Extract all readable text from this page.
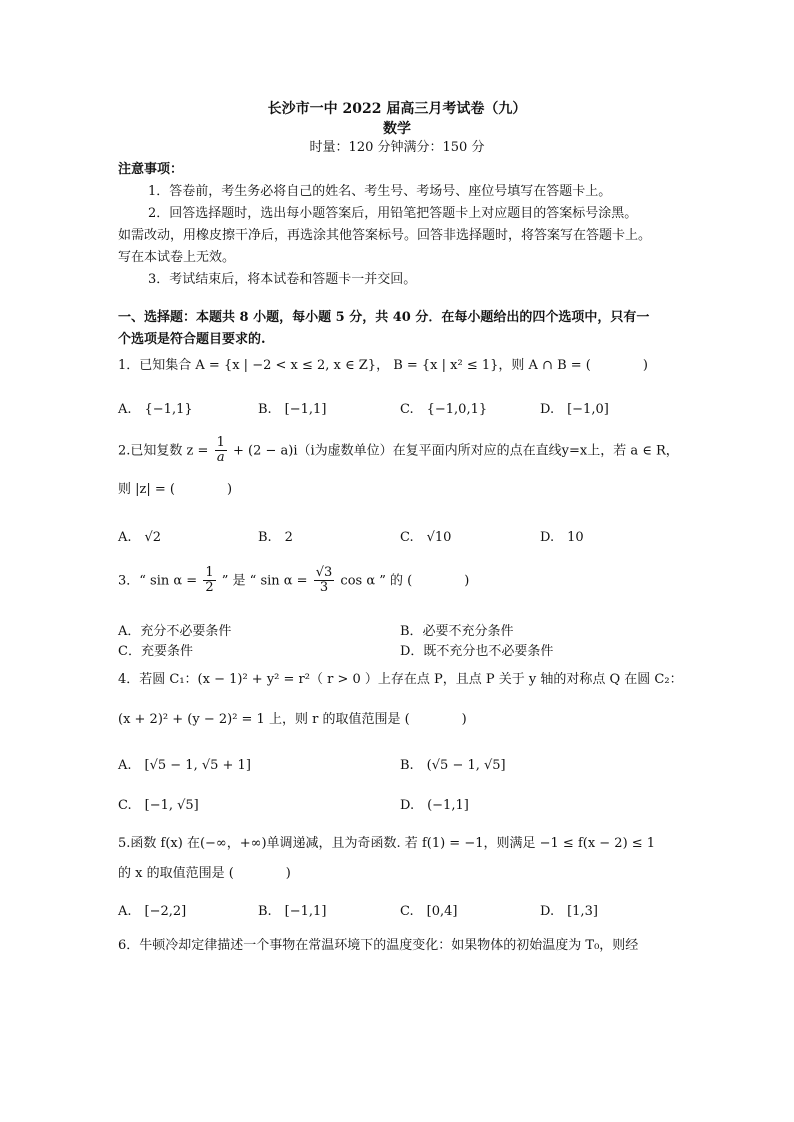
长沙市一中 2022 届高三月考试卷（九）
数学
时量：120 分钟满分：150 分
注意事项：
1．答卷前，考生务必将自己的姓名、考生号、考场号、座位号填写在答题卡上。
2．回答选择题时，选出每小题答案后，用铅笔把答题卡上对应题目的答案标号涂黑。
如需改动，用橡皮擦干净后，再选涂其他答案标号。回答非选择题时，将答案写在答题卡上。
写在本试卷上无效。
3．考试结束后，将本试卷和答题卡一并交回。
一、选择题：本题共 8 小题，每小题 5 分，共 40 分．在每小题给出的四个选项中，只有一
个选项是符合题目要求的.
1．已知集合 A = {x | −2 < x ≤ 2, x ∈ Z}， B = {x | x² ≤ 1}，则 A ∩ B = (　　　　)
A.　{−1,1}	B.　[−1,1]	C.　{−1,0,1}	D.　[−1,0]
2.已知复数 $z = \frac{1}{a} + (2 - a)i(i$为虚数单位）在复平面内所对应的点在直线y=x上，若 a ∈ R，
则 |z| = (　　　　)
A.　√2	B.　2	C.　√10	D.　10
3．“ $\sin \alpha = \frac{1}{2}$ ” 是 “ $\sin \alpha = \frac{√3}{3}$ cos α ” 的 (　　　　)
A．充分不必要条件	B．必要不充分条件
C．充要条件	D．既不充分也不必要条件
4．若圆 C₁：(x − 1)² + y² = r²（ r > 0 ）上存在点 P，且点 P 关于 y 轴的对称点 Q 在圆 C₂：
(x + 2)² + (y − 2)² = 1 上，则 r 的取值范围是 (　　　　)
A.　[√5 − 1, √5 + 1]	B.　(√5 − 1, √5]
C.　[−1, √5]	D.　(−1,1]
5.函数 f(x) 在(−∞，+∞)单调递减，且为奇函数. 若 f(1) = −1，则满足 −1 ≤ f(x − 2) ≤ 1
的 x 的取值范围是 (　　　　)
A.　[−2,2]	B.　[−1,1]	C.　[0,4]	D.　[1,3]
6．牛顿冷却定律描述一个事物在常温环境下的温度变化：如果物体的初始温度为 T₀，则经
